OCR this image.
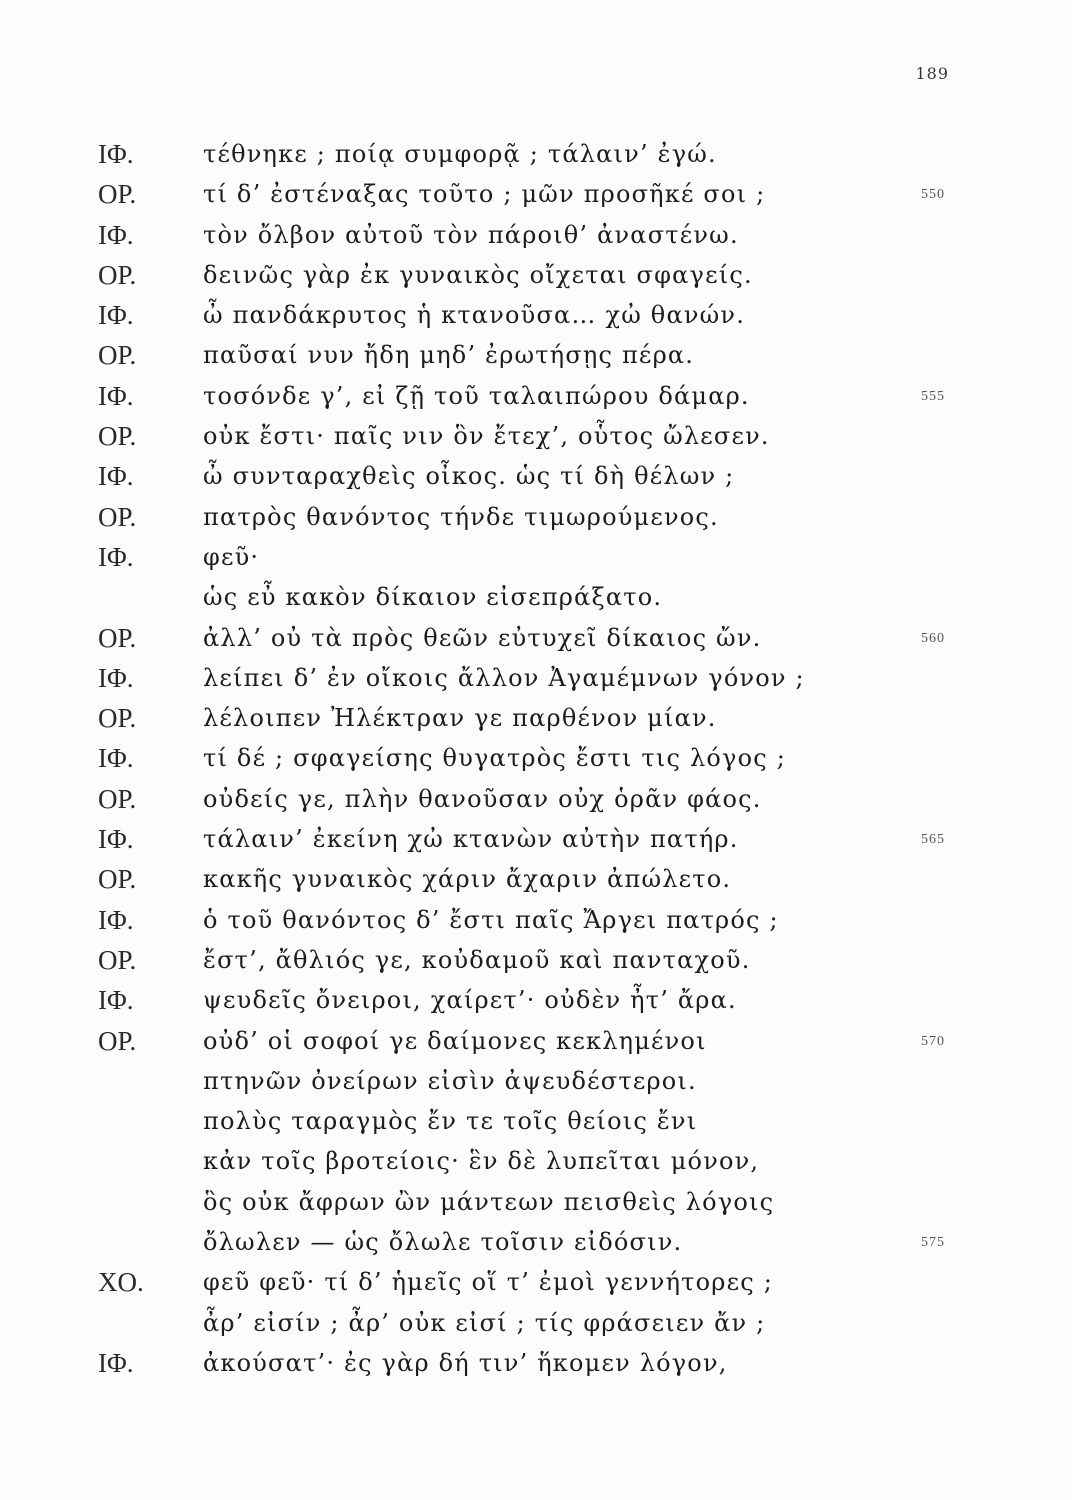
189
ΙΦ.	τέθνηκε ; ποίᾳ συμφορᾷ ; τάλαιν’ ἐγώ.
ΟΡ.	τί δ’ ἐστέναξας τοῦτο ; μῶν προσῆκέ σοι ;	550
ΙΦ.	τὸν ὄλβον αὐτοῦ τὸν πάροιθ’ ἀναστένω.
ΟΡ.	δεινῶς γὰρ ἐκ γυναικὸς οἴχεται σφαγείς.
ΙΦ.	ὦ πανδάκρυτος ἡ κτανοῦσα… χὠ θανών.
ΟΡ.	παῦσαί νυν ἤδη μηδ’ ἐρωτήσῃς πέρα.
ΙΦ.	τοσόνδε γ’, εἰ ζῇ τοῦ ταλαιπώρου δάμαρ.	555
ΟΡ.	οὐκ ἔστι· παῖς νιν ὃν ἔτεχ’, οὗτος ὤλεσεν.
ΙΦ.	ὦ συνταραχθεὶς οἶκος. ὡς τί δὴ θέλων ;
ΟΡ.	πατρὸς θανόντος τήνδε τιμωρούμενος.
ΙΦ.	φεῦ·
ὡς εὖ κακὸν δίκαιον εἰσεπράξατο.
ΟΡ.	ἀλλ’ οὐ τὰ πρὸς θεῶν εὐτυχεῖ δίκαιος ὤν.	560
ΙΦ.	λείπει δ’ ἐν οἴκοις ἄλλον Ἀγαμέμνων γόνον ;
ΟΡ.	λέλοιπεν Ἠλέκτραν γε παρθένον μίαν.
ΙΦ.	τί δέ ; σφαγείσης θυγατρὸς ἔστι τις λόγος ;
ΟΡ.	οὐδείς γε, πλὴν θανοῦσαν οὐχ ὁρᾶν φάος.
ΙΦ.	τάλαιν’ ἐκείνη χὠ κτανὼν αὐτὴν πατήρ.	565
ΟΡ.	κακῆς γυναικὸς χάριν ἄχαριν ἀπώλετο.
ΙΦ.	ὁ τοῦ θανόντος δ’ ἔστι παῖς Ἄργει πατρός ;
ΟΡ.	ἔστ’, ἄθλιός γε, κοὐδαμοῦ καὶ πανταχοῦ.
ΙΦ.	ψευδεῖς ὄνειροι, χαίρετ’· οὐδὲν ἦτ’ ἄρα.
ΟΡ.	οὐδ’ οἱ σοφοί γε δαίμονες κεκλημένοι	570
πτηνῶν ὀνείρων εἰσὶν ἀψευδέστεροι.
πολὺς ταραγμὸς ἔν τε τοῖς θείοις ἔνι
κἀν τοῖς βροτείοις· ἓν δὲ λυπεῖται μόνον,
ὃς οὐκ ἄφρων ὢν μάντεων πεισθεὶς λόγοις
ὄλωλεν — ὡς ὄλωλε τοῖσιν εἰδόσιν.	575
ΧΟ. φεῦ φεῦ· τί δ’ ἡμεῖς οἵ τ’ ἐμοὶ γεννήτορες ;
ἆρ’ εἰσίν ; ἆρ’ οὐκ εἰσί ; τίς φράσειεν ἄν ;
ΙΦ.	ἀκούσατ’· ἐς γὰρ δή τιν’ ἥκομεν λόγον,
